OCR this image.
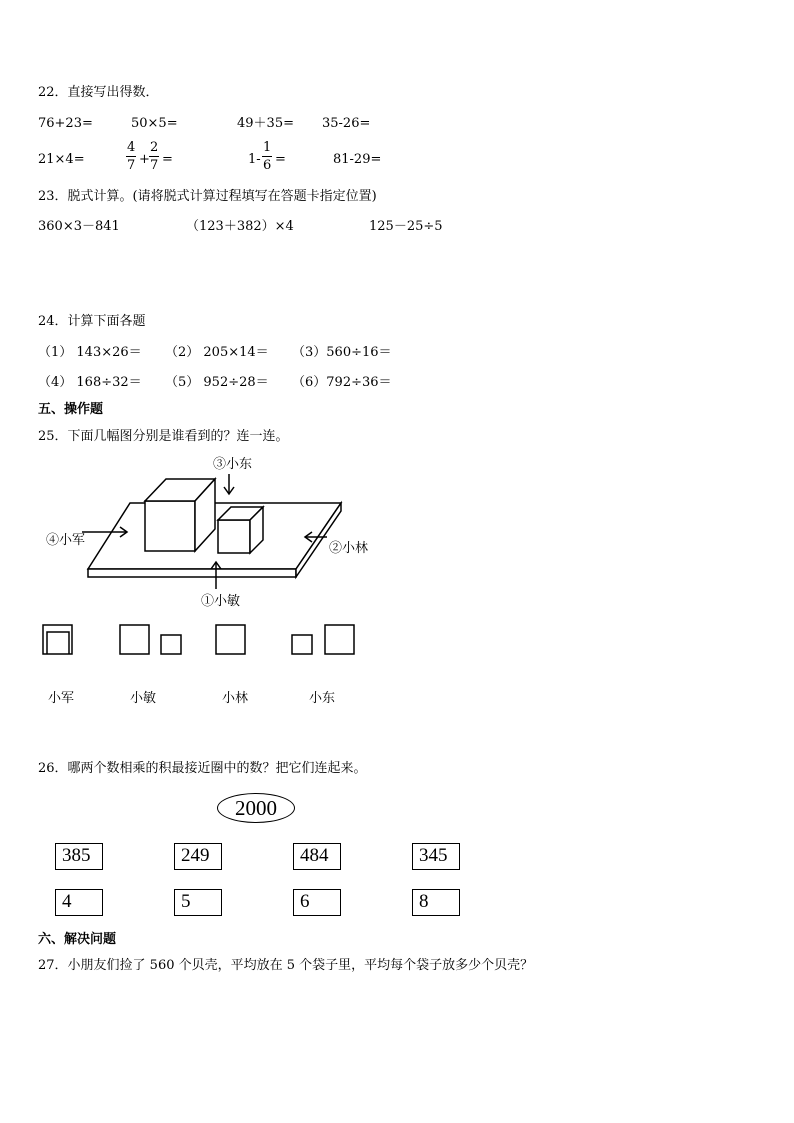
22．直接写出得数．
76+23=	50×5=	49＋35= 35-26=
21×4=	$\frac{4}{7} + \frac{2}{7}$ =	$1- \frac{1}{6}$ =	81-29=
23．脱式计算。(请将脱式计算过程填写在答题卡指定位置)
360×3－841	（123＋382）×4	125－25÷5
24．计算下面各题
（1） 143×26＝ （2） 205×14＝ （3）560÷16＝
（4） 168÷32＝ （5） 952÷28＝ （6）792÷36＝
五、操作题
25．下面几幅图分别是谁看到的？连一连。
③小东
④小军
②小林
①小敏
小军	小敏	小林	小东
26．哪两个数相乘的积最接近圈中的数？把它们连起来。
2000
385	249	484	345
4	5	6	8
六、解决问题
27．小朋友们捡了 560 个贝壳，平均放在 5 个袋子里，平均每个袋子放多少个贝壳？
